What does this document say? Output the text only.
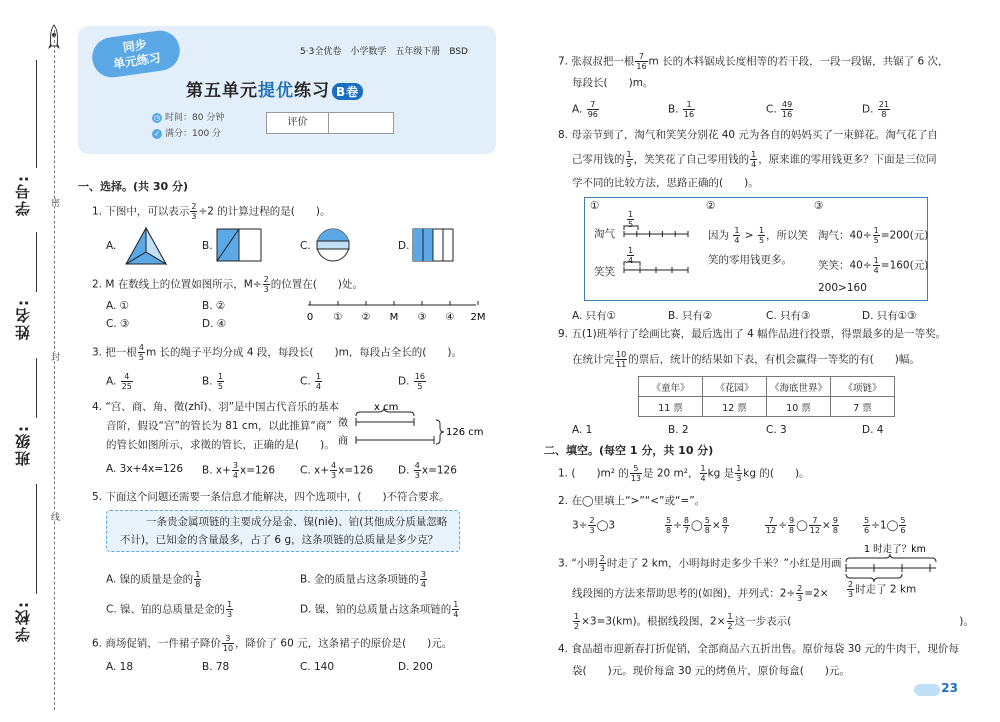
学号:
姓名:
班级:
学校:
密
封
线
同步
单元练习	5·3全优卷　小学数学　五年级下册　BSD
第五单元提优练习 B卷
◷ 时间：80 分钟
✓ 满分：100 分
评价
一、选择。(共 30 分)
1. 下图中，可以表示 $\frac{2}{3} \div 2$ 的计算过程的是(　　)。
A.	B.	C.	D.
2. M 在数线上的位置如图所示，$M\div \frac{2}{3}$ 的位置在(　　)处。
A. ①	B. ②
C. ③	D. ④
0 ① ② M ③ ④ 2M
3. 把一根 $\frac{4}{5}$ m 长的绳子平均分成 4 段，每段长(　　)m，每段占全长的(　　)。
A. $\frac{4}{25}$	B. $\frac{1}{5}$	C. $\frac{1}{4}$	D. $\frac{16}{5}$
4. “宫、商、角、徵(zhǐ)、羽”是中国古代音乐的基本
音阶，假设“宫”的管长为 81 cm，以此推算“商”
的管长如图所示，求徵的管长，正确的是(　　)。
x cm
徵
商
126 cm
A. 3x+4x=126 B. $x+ \frac{3}{4} x=126$ C. $x+ \frac{4}{3} x=126$ D. $\frac{4}{3} x=126$
5. 下面这个问题还需要一条信息才能解决，四个选项中，(　　)不符合要求。
一条贵金属项链的主要成分是金、镍(niè)、铂(其他成分质量忽略
不计)，已知金的含量最多，占了 6 g，这条项链的总质量是多少克？
A. 镍的质量是金的 $\frac{1}{8}$	B. 金的质量占这条项链的 $\frac{3}{4}$
C. 镍、铂的总质量是金的 $\frac{1}{3}$	D. 镍、铂的总质量占这条项链的 $\frac{1}{4}$
6. 商场促销，一件裙子降价 $\frac{3}{10}$ ，降价了 60 元，这条裙子的原价是(　　)元。
A. 18	B. 78	C. 140	D. 200
7. 张叔叔把一根 $\frac{7}{16}$ m 长的木料锯成长度相等的若干段，一段一段锯，共锯了 6 次，
每段长(　　)m。
A. $\frac{7}{96}$	B. $\frac{1}{16}$	C. $\frac{49}{16}$	D. $\frac{21}{8}$
8. 母亲节到了，淘气和笑笑分别花 40 元为各自的妈妈买了一束鲜花。淘气花了自
己零用钱的 $\frac{1}{5}$ ，笑笑花了自己零用钱的 $\frac{1}{4}$ ，原来谁的零用钱更多？下面是三位同
学不同的比较方法，思路正确的(　　)。
①	②	③
淘气
笑笑
$\frac{1}{5}$
$\frac{1}{4}$
因为 $\frac{1}{4} > \frac{1}{5}$ ，所以笑
笑的零用钱更多。
淘气：$40\div \frac{1}{5} =200$(元)
笑笑：$40\div \frac{1}{4} =160$(元)
200>160
A. 只有①	B. 只有②	C. 只有③	D. 只有①③
9. 五(1)班举行了绘画比赛，最后选出了 4 幅作品进行投票，得票最多的是一等奖。
在统计完 $\frac{10}{11}$ 的票后，统计的结果如下表，有机会赢得一等奖的有(　　)幅。
《童年》	《花园》	《海底世界》	《项链》
11 票	12 票	10 票	7 票
A. 1	B. 2	C. 3	D. 4
二、填空。(每空 1 分，共 10 分)
1. (　　)m² 的 $\frac{5}{13}$ 是 20 m²， $\frac{1}{4}$ kg 是 $\frac{1}{3}$ kg 的(　　)。
2. 在◯里填上“>”“<”或“=”。
$3\div \frac{2}{3}$ ◯3	$\frac{5}{8} \div \frac{8}{7}$ ◯ $\frac{5}{8} \times \frac{8}{7}$	$\frac{7}{12} \div \frac{9}{8}$ ◯ $\frac{7}{12} \times \frac{9}{8}$	$\frac{5}{6}$ ÷1◯ $\frac{5}{6}$
3. “小明 $\frac{2}{3}$ 时走了 2 km，小明每时走多少千米？”小红是用画
线段图的方法来帮助思考的(如图)，并列式：$2\div \frac{2}{3} =2\times$
$\frac{1}{2} \times 3=3(km)$。根据线段图，$2\times \frac{1}{2}$ 这一步表示(　　　　　　　　　　　　　　　　)。
1 时走了？km
$\frac{2}{3}$ 时走了 2 km
4. 食品超市迎新春打折促销，全部商品六五折出售。原价每袋 30 元的牛肉干，现价每
袋(　　)元。现价每盒 30 元的烤鱼片，原价每盒(　　)元。
23
